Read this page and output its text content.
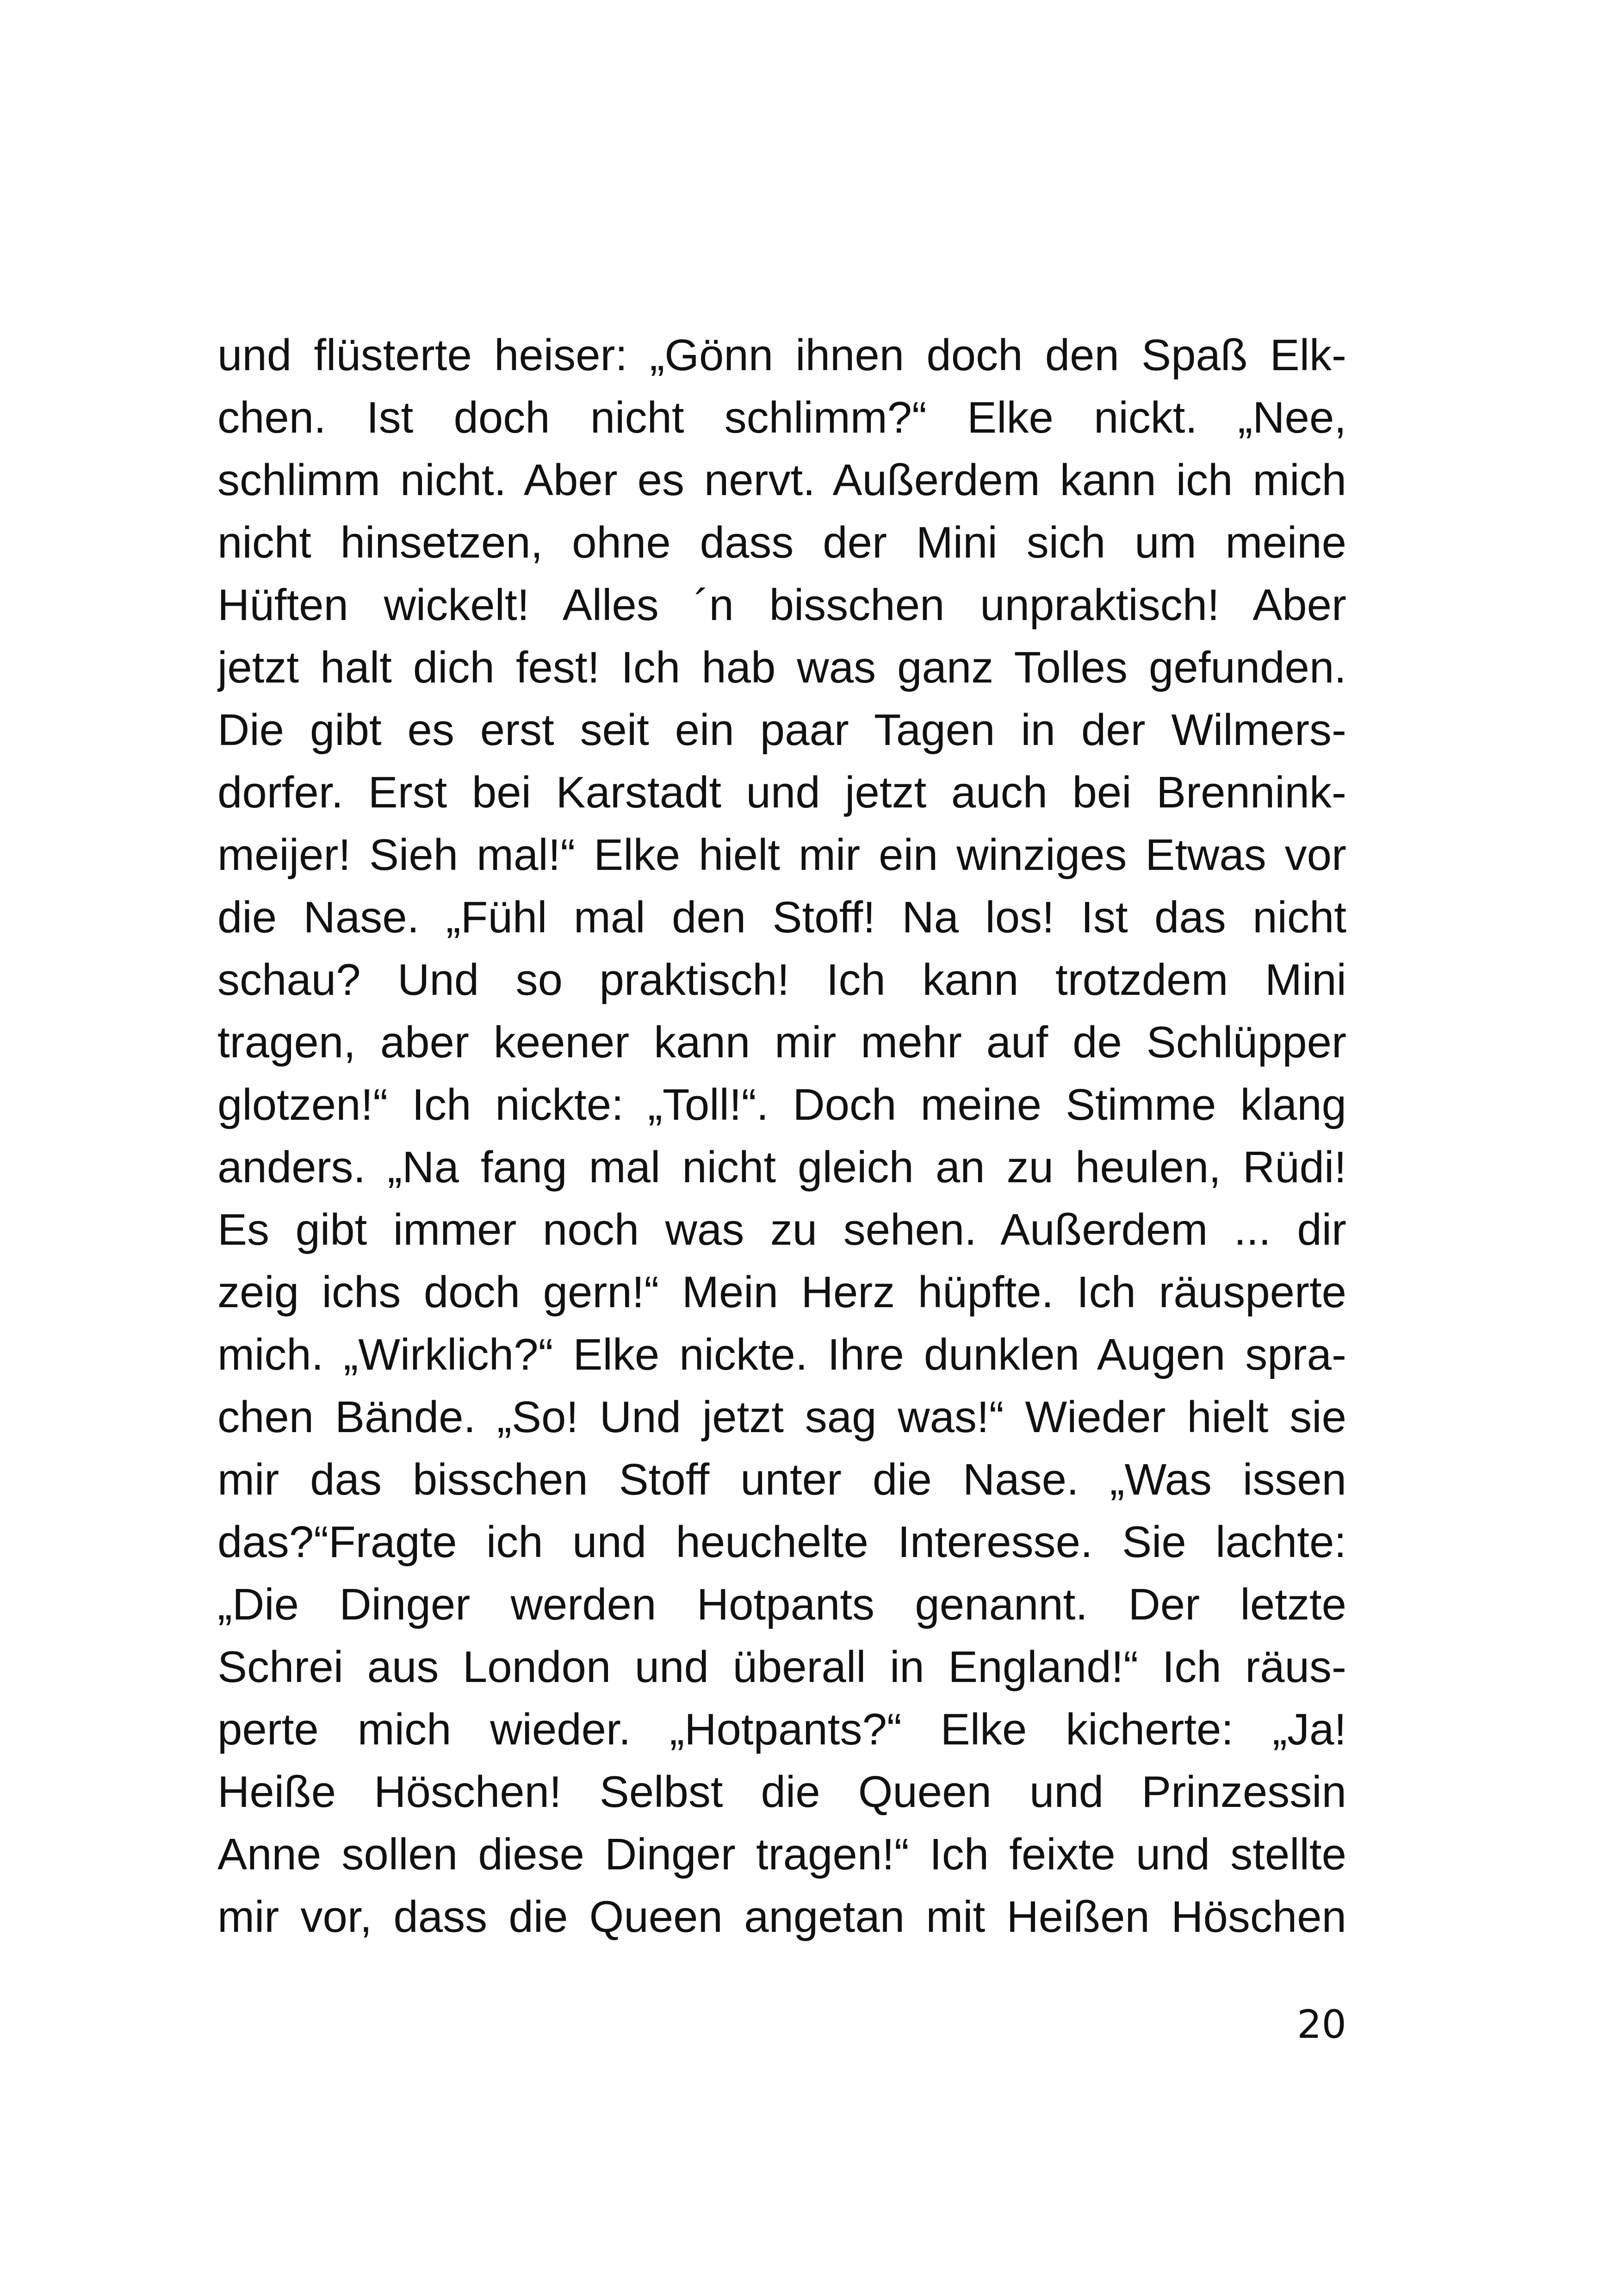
und flüsterte heiser: „Gönn ihnen doch den Spaß Elk-
chen. Ist doch nicht schlimm?“ Elke nickt. „Nee,
schlimm nicht. Aber es nervt. Außerdem kann ich mich
nicht hinsetzen, ohne dass der Mini sich um meine
Hüften wickelt! Alles ´n bisschen unpraktisch! Aber
jetzt halt dich fest! Ich hab was ganz Tolles gefunden.
Die gibt es erst seit ein paar Tagen in der Wilmers-
dorfer. Erst bei Karstadt und jetzt auch bei Brennink-
meijer! Sieh mal!“ Elke hielt mir ein winziges Etwas vor
die Nase. „Fühl mal den Stoff! Na los! Ist das nicht
schau? Und so praktisch! Ich kann trotzdem Mini
tragen, aber keener kann mir mehr auf de Schlüpper
glotzen!“ Ich nickte: „Toll!“. Doch meine Stimme klang
anders. „Na fang mal nicht gleich an zu heulen, Rüdi!
Es gibt immer noch was zu sehen. Außerdem ... dir
zeig ichs doch gern!“ Mein Herz hüpfte. Ich räusperte
mich. „Wirklich?“ Elke nickte. Ihre dunklen Augen spra-
chen Bände. „So! Und jetzt sag was!“ Wieder hielt sie
mir das bisschen Stoff unter die Nase. „Was issen
das?“Fragte ich und heuchelte Interesse. Sie lachte:
„Die Dinger werden Hotpants genannt. Der letzte
Schrei aus London und überall in England!“ Ich räus-
perte mich wieder. „Hotpants?“ Elke kicherte: „Ja!
Heiße Höschen! Selbst die Queen und Prinzessin
Anne sollen diese Dinger tragen!“ Ich feixte und stellte
mir vor, dass die Queen angetan mit Heißen Höschen
20
